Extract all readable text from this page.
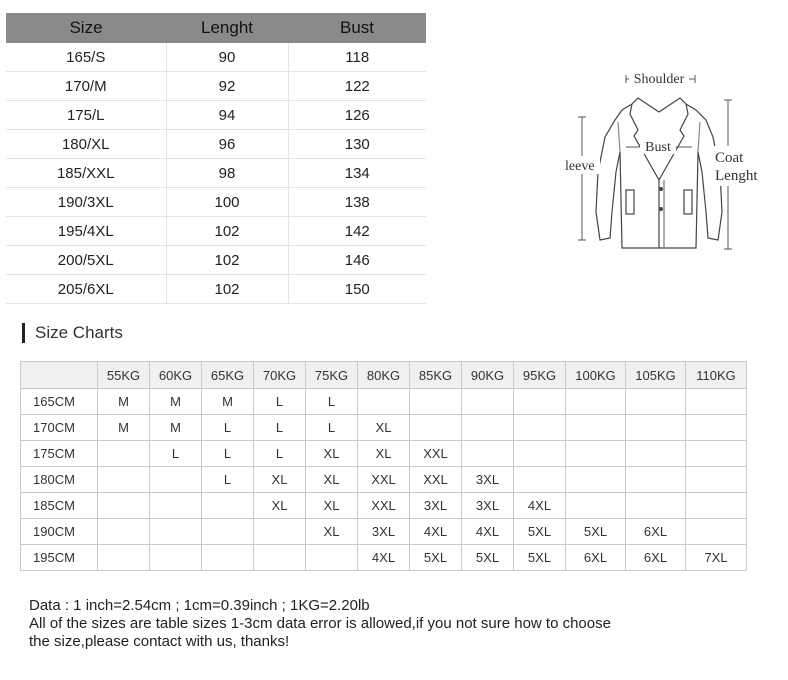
Size	Lenght	Bust
165/S	90	118
170/M	92	122
175/L	94	126
180/XL	96	130
185/XXL	98	134
190/3XL	100	138
195/4XL	102	142
200/5XL	102	146
205/6XL	102	150
Shoulder
Bust
leeve
Coat
Lenght
Size Charts
	55KG	60KG	65KG	70KG	75KG	80KG	85KG	90KG	95KG	100KG	105KG	110KG
165CM	M	M	M	L	L							
170CM	M	M	L	L	L	XL						
175CM		L	L	L	XL	XL	XXL					
180CM			L	XL	XL	XXL	XXL	3XL				
185CM				XL	XL	XXL	3XL	3XL	4XL			
190CM					XL	3XL	4XL	4XL	5XL	5XL	6XL	
195CM						4XL	5XL	5XL	5XL	6XL	6XL	7XL
Data : 1 inch=2.54cm ; 1cm=0.39inch ; 1KG=2.20lb
All of the sizes are table sizes 1-3cm data error is allowed,if you not sure how to choose
the size,please contact with us, thanks!
